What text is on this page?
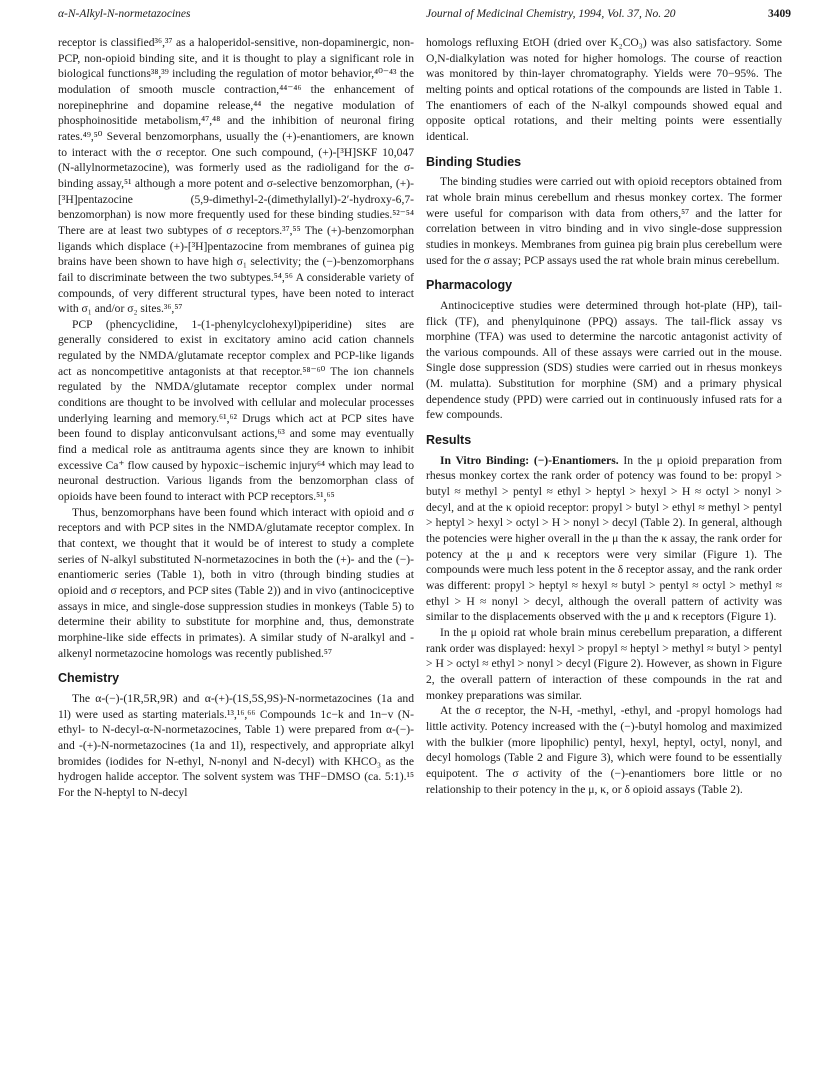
α-N-Alkyl-N-normetazocines	Journal of Medicinal Chemistry, 1994, Vol. 37, No. 20	3409

receptor is classified³⁶,³⁷ as a haloperidol-sensitive, non-dopaminergic, non-PCP, non-opioid binding site, and it is thought to play a significant role in biological functions³⁸,³⁹ including the regulation of motor behavior,⁴⁰⁻⁴³ the modulation of smooth muscle contraction,⁴⁴⁻⁴⁶ the enhancement of norepinephrine and dopamine release,⁴⁴ the negative modulation of phosphoinositide metabolism,⁴⁷,⁴⁸ and the inhibition of neuronal firing rates.⁴⁹,⁵⁰ Several benzomorphans, usually the (+)-enantiomers, are known to interact with the σ receptor. One such compound, (+)-[³H]SKF 10,047 (N-allylnormetazocine), was formerly used as the radioligand for the σ-binding assay,⁵¹ although a more potent and σ-selective benzomorphan, (+)-[³H]pentazocine (5,9-dimethyl-2-(dimethylallyl)-2′-hydroxy-6,7-benzomorphan) is now more frequently used for these binding studies.⁵²⁻⁵⁴ There are at least two subtypes of σ receptors.³⁷,⁵⁵ The (+)-benzomorphan ligands which displace (+)-[³H]pentazocine from membranes of guinea pig brains have been shown to have high σ₁ selectivity; the (−)-benzomorphans fail to discriminate between the two subtypes.⁵⁴,⁵⁶ A considerable variety of compounds, of very different structural types, have been noted to interact with σ₁ and/or σ₂ sites.³⁶,⁵⁷

PCP (phencyclidine, 1-(1-phenylcyclohexyl)piperidine) sites are generally considered to exist in excitatory amino acid cation channels regulated by the NMDA/glutamate receptor complex and PCP-like ligands act as noncompetitive antagonists at that receptor.⁵⁸⁻⁶⁰ The ion channels regulated by the NMDA/glutamate receptor complex under normal conditions are thought to be involved with cellular and molecular processes underlying learning and memory.⁶¹,⁶² Drugs which act at PCP sites have been found to display anticonvulsant actions,⁶³ and some may eventually find a medical role as antitrauma agents since they are known to inhibit excessive Ca⁺ flow caused by hypoxic−ischemic injury⁶⁴ which may lead to neuronal destruction. Various ligands from the benzomorphan class of opioids have been found to interact with PCP receptors.⁵¹,⁶⁵

Thus, benzomorphans have been found which interact with opioid and σ receptors and with PCP sites in the NMDA/glutamate receptor complex. In that context, we thought that it would be of interest to study a complete series of N-alkyl substituted N-normetazocines in both the (+)- and the (−)-enantiomeric series (Table 1), both in vitro (through binding studies at opioid and σ receptors, and PCP sites (Table 2)) and in vivo (antinociceptive assays in mice, and single-dose suppression studies in monkeys (Table 5) to determine their ability to substitute for morphine and, thus, demonstrate morphine-like side effects in primates). A similar study of N-aralkyl and -alkenyl normetazocine homologs was recently published.⁵⁷

Chemistry

The α-(−)-(1R,5R,9R) and α-(+)-(1S,5S,9S)-N-normetazocines (1a and 1l) were used as starting materials.¹³,¹⁶,⁶⁶ Compounds 1c−k and 1n−v (N-ethyl- to N-decyl-α-N-normetazocines, Table 1) were prepared from α-(−)- and -(+)-N-normetazocines (1a and 1l), respectively, and appropriate alkyl bromides (iodides for N-ethyl, N-nonyl and N-decyl) with KHCO₃ as the hydrogen halide acceptor. The solvent system was THF−DMSO (ca. 5:1).¹⁵ For the N-heptyl to N-decyl

homologs refluxing EtOH (dried over K₂CO₃) was also satisfactory. Some O,N-dialkylation was noted for higher homologs. The course of reaction was monitored by thin-layer chromatography. Yields were 70−95%. The melting points and optical rotations of the compounds are listed in Table 1. The enantiomers of each of the N-alkyl compounds showed equal and opposite optical rotations, and their melting points were essentially identical.

Binding Studies

The binding studies were carried out with opioid receptors obtained from rat whole brain minus cerebellum and rhesus monkey cortex. The former were useful for comparison with data from others,⁵⁷ and the latter for correlation between in vitro binding and in vivo single-dose suppression studies in monkeys. Membranes from guinea pig brain plus cerebellum were used for the σ assay; PCP assays used the rat whole brain minus cerebellum.

Pharmacology

Antinociceptive studies were determined through hot-plate (HP), tail-flick (TF), and phenylquinone (PPQ) assays. The tail-flick assay vs morphine (TFA) was used to determine the narcotic antagonist activity of the various compounds. All of these assays were carried out in the mouse. Single dose suppression (SDS) studies were carried out in rhesus monkeys (M. mulatta). Substitution for morphine (SM) and a primary physical dependence study (PPD) were carried out in continuously infused rats for a few compounds.

Results

In Vitro Binding: (−)-Enantiomers. In the μ opioid preparation from rhesus monkey cortex the rank order of potency was found to be: propyl > butyl ≈ methyl > pentyl ≈ ethyl > heptyl > hexyl > H ≈ octyl > nonyl > decyl, and at the κ opioid receptor: propyl > butyl > ethyl ≈ methyl > pentyl > heptyl > hexyl > octyl > H > nonyl > decyl (Table 2). In general, although the potencies were higher overall in the μ than the κ assay, the rank order for potency at the μ and κ receptors were very similar (Figure 1). The compounds were much less potent in the δ receptor assay, and the rank order was different: propyl > heptyl ≈ hexyl ≈ butyl > pentyl ≈ octyl > methyl ≈ ethyl > H ≈ nonyl > decyl, although the overall pattern of activity was similar to the displacements observed with the μ and κ receptors (Figure 1).

In the μ opioid rat whole brain minus cerebellum preparation, a different rank order was displayed: hexyl > propyl ≈ heptyl > methyl ≈ butyl > pentyl > H > octyl ≈ ethyl > nonyl > decyl (Figure 2). However, as shown in Figure 2, the overall pattern of interaction of these compounds in the rat and monkey preparations was similar.

At the σ receptor, the N-H, -methyl, -ethyl, and -propyl homologs had little activity. Potency increased with the (−)-butyl homolog and maximized with the bulkier (more lipophilic) pentyl, hexyl, heptyl, octyl, nonyl, and decyl homologs (Table 2 and Figure 3), which were found to be essentially equipotent. The σ activity of the (−)-enantiomers bore little or no relationship to their potency in the μ, κ, or δ opioid assays (Table 2).
